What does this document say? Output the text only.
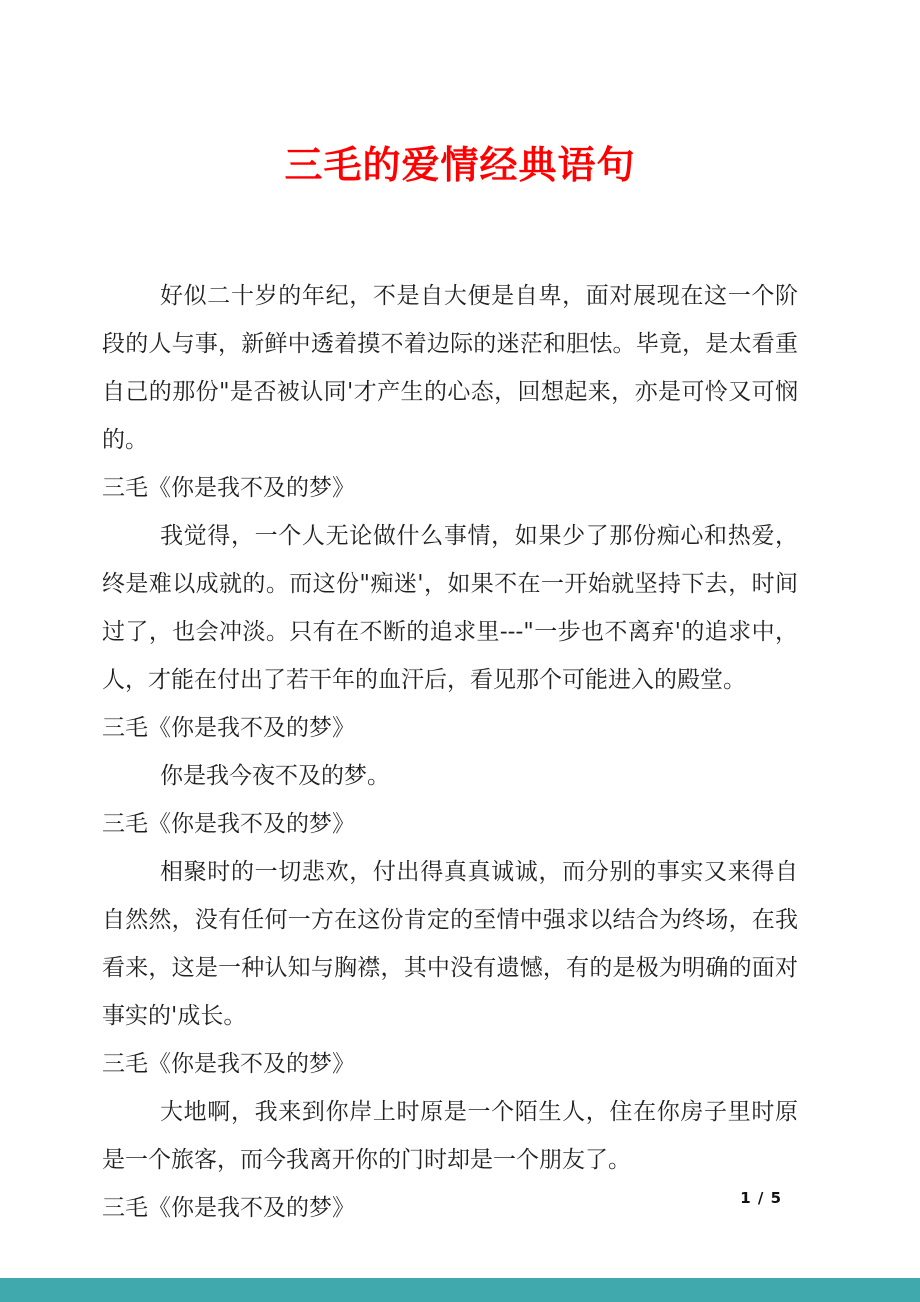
三毛的爱情经典语句

好似二十岁的年纪，不是自大便是自卑，面对展现在这一个阶段的人与事，新鲜中透着摸不着边际的迷茫和胆怯。毕竟，是太看重自己的那份"是否被认同'才产生的心态，回想起来，亦是可怜又可悯的。

三毛《你是我不及的梦》

我觉得，一个人无论做什么事情，如果少了那份痴心和热爱，终是难以成就的。而这份"痴迷'，如果不在一开始就坚持下去，时间过了，也会冲淡。只有在不断的追求里---"一步也不离弃'的追求中，人，才能在付出了若干年的血汗后，看见那个可能进入的殿堂。

三毛《你是我不及的梦》

你是我今夜不及的梦。

三毛《你是我不及的梦》

相聚时的一切悲欢，付出得真真诚诚，而分别的事实又来得自自然然，没有任何一方在这份肯定的至情中强求以结合为终场，在我看来，这是一种认知与胸襟，其中没有遗憾，有的是极为明确的面对事实的'成长。

三毛《你是我不及的梦》

大地啊，我来到你岸上时原是一个陌生人，住在你房子里时原是一个旅客，而今我离开你的门时却是一个朋友了。

三毛《你是我不及的梦》	1 / 5
